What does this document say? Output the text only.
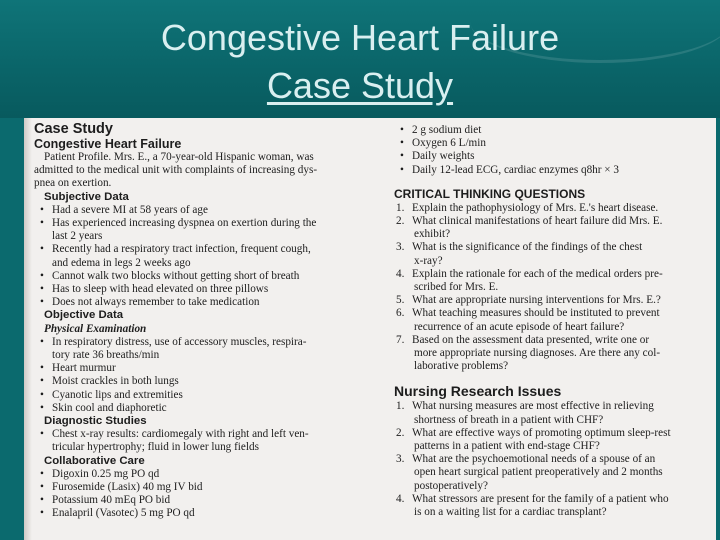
Congestive Heart Failure
Case Study
Case Study
Congestive Heart Failure
Patient Profile. Mrs. E., a 70-year-old Hispanic woman, was
admitted to the medical unit with complaints of increasing dys-
pnea on exertion.
Subjective Data
• Had a severe MI at 58 years of age
• Has experienced increasing dyspnea on exertion during the
last 2 years
• Recently had a respiratory tract infection, frequent cough,
and edema in legs 2 weeks ago
• Cannot walk two blocks without getting short of breath
• Has to sleep with head elevated on three pillows
• Does not always remember to take medication
Objective Data
Physical Examination
• In respiratory distress, use of accessory muscles, respira-
tory rate 36 breaths/min
• Heart murmur
• Moist crackles in both lungs
• Cyanotic lips and extremities
• Skin cool and diaphoretic
Diagnostic Studies
• Chest x-ray results: cardiomegaly with right and left ven-
tricular hypertrophy; fluid in lower lung fields
Collaborative Care
• Digoxin 0.25 mg PO qd
• Furosemide (Lasix) 40 mg IV bid
• Potassium 40 mEq PO bid
• Enalapril (Vasotec) 5 mg PO qd
• 2 g sodium diet
• Oxygen 6 L/min
• Daily weights
• Daily 12-lead ECG, cardiac enzymes q8hr × 3
CRITICAL THINKING QUESTIONS
1. Explain the pathophysiology of Mrs. E.'s heart disease.
2. What clinical manifestations of heart failure did Mrs. E.
exhibit?
3. What is the significance of the findings of the chest
x-ray?
4. Explain the rationale for each of the medical orders pre-
scribed for Mrs. E.
5. What are appropriate nursing interventions for Mrs. E.?
6. What teaching measures should be instituted to prevent
recurrence of an acute episode of heart failure?
7. Based on the assessment data presented, write one or
more appropriate nursing diagnoses. Are there any col-
laborative problems?
Nursing Research Issues
1. What nursing measures are most effective in relieving
shortness of breath in a patient with CHF?
2. What are effective ways of promoting optimum sleep-rest
patterns in a patient with end-stage CHF?
3. What are the psychoemotional needs of a spouse of an
open heart surgical patient preoperatively and 2 months
postoperatively?
4. What stressors are present for the family of a patient who
is on a waiting list for a cardiac transplant?
